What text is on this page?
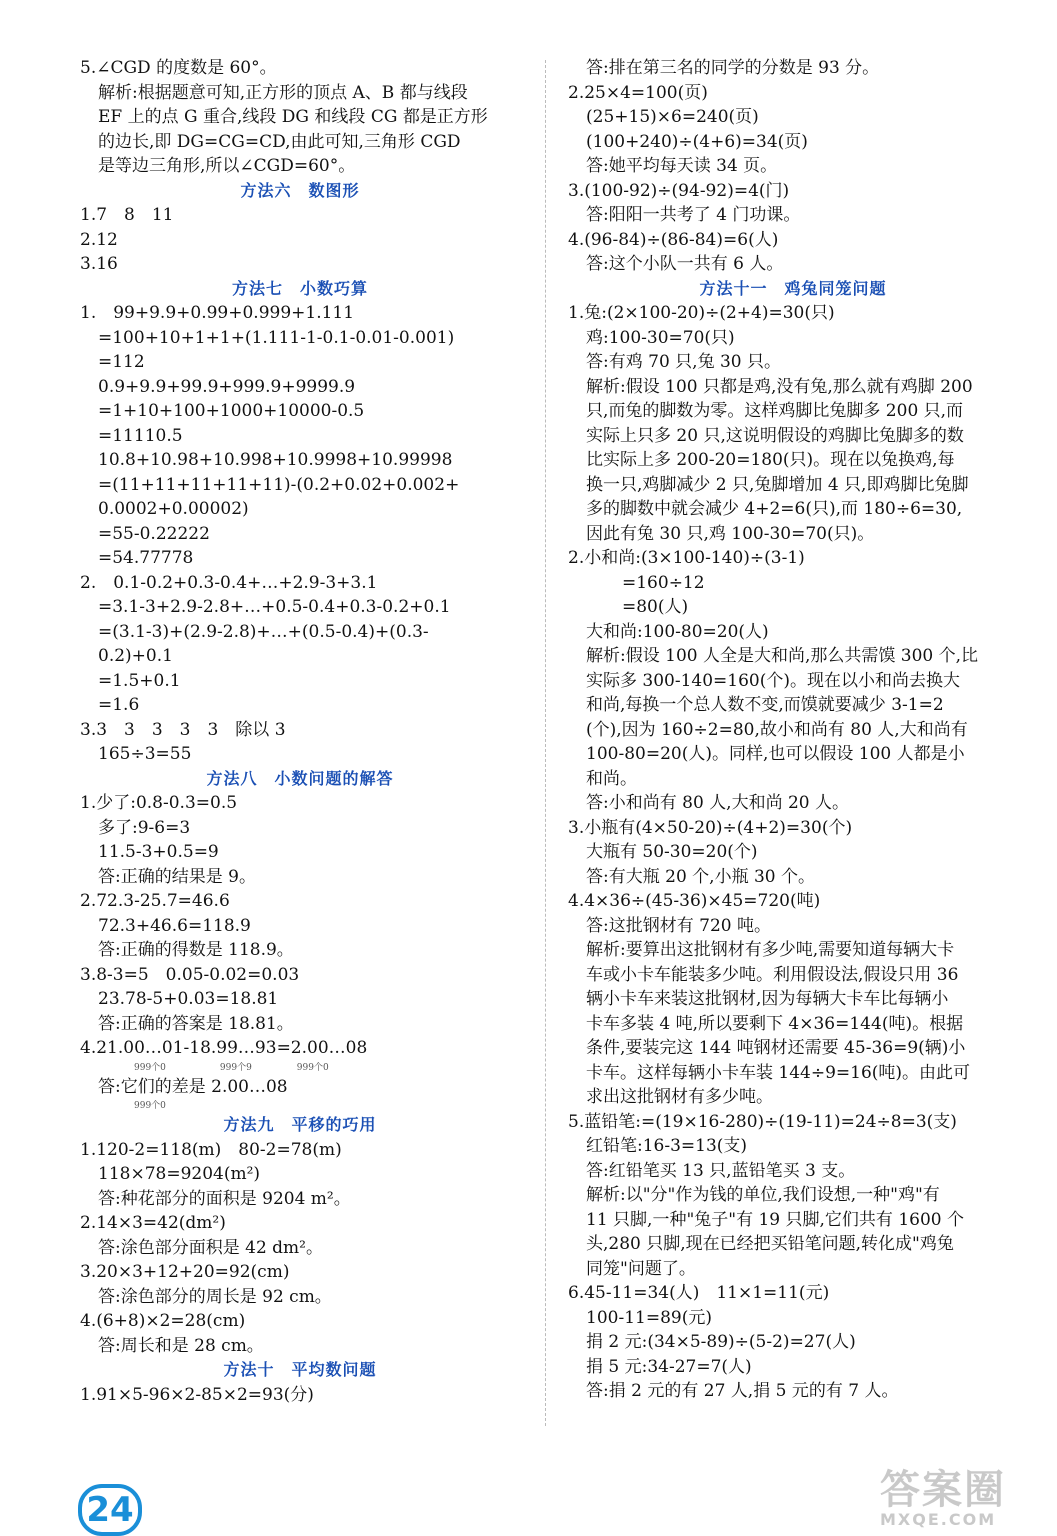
5.∠CGD 的度数是 60°。
解析:根据题意可知,正方形的顶点 A、B 都与线段
EF 上的点 G 重合,线段 DG 和线段 CG 都是正方形
的边长,即 DG=CG=CD,由此可知,三角形 CGD
是等边三角形,所以∠CGD=60°。
方法六　数图形
1.7　8　11
2.12
3.16
方法七　小数巧算
1.　99+9.9+0.99+0.999+1.111
=100+10+1+1+(1.111-1-0.1-0.01-0.001)
=112
0.9+9.9+99.9+999.9+9999.9
=1+10+100+1000+10000-0.5
=11110.5
10.8+10.98+10.998+10.9998+10.99998
=(11+11+11+11+11)-(0.2+0.02+0.002+
0.0002+0.00002)
=55-0.22222
=54.77778
2.　0.1-0.2+0.3-0.4+…+2.9-3+3.1
=3.1-3+2.9-2.8+…+0.5-0.4+0.3-0.2+0.1
=(3.1-3)+(2.9-2.8)+…+(0.5-0.4)+(0.3-
0.2)+0.1
=1.5+0.1
=1.6
3.3　3　3　3　3　除以 3
165÷3=55
方法八　小数问题的解答
1.少了:0.8-0.3=0.5
多了:9-6=3
11.5-3+0.5=9
答:正确的结果是 9。
2.72.3-25.7=46.6
72.3+46.6=118.9
答:正确的得数是 118.9。
3.8-3=5　0.05-0.02=0.03
23.78-5+0.03=18.81
答:正确的答案是 18.81。
4.21.00…01-18.99…93=2.00…08
999个0　　　　　　999个9　　　　　999个0
答:它们的差是 2.00…08
999个0
方法九　平移的巧用
1.120-2=118(m)　80-2=78(m)
118×78=9204(m²)
答:种花部分的面积是 9204 m²。
2.14×3=42(dm²)
答:涂色部分面积是 42 dm²。
3.20×3+12+20=92(cm)
答:涂色部分的周长是 92 cm。
4.(6+8)×2=28(cm)
答:周长和是 28 cm。
方法十　平均数问题
1.91×5-96×2-85×2=93(分)
答:排在第三名的同学的分数是 93 分。
2.25×4=100(页)
(25+15)×6=240(页)
(100+240)÷(4+6)=34(页)
答:她平均每天读 34 页。
3.(100-92)÷(94-92)=4(门)
答:阳阳一共考了 4 门功课。
4.(96-84)÷(86-84)=6(人)
答:这个小队一共有 6 人。
方法十一　鸡兔同笼问题
1.兔:(2×100-20)÷(2+4)=30(只)
鸡:100-30=70(只)
答:有鸡 70 只,兔 30 只。
解析:假设 100 只都是鸡,没有兔,那么就有鸡脚 200
只,而兔的脚数为零。这样鸡脚比兔脚多 200 只,而
实际上只多 20 只,这说明假设的鸡脚比兔脚多的数
比实际上多 200-20=180(只)。现在以兔换鸡,每
换一只,鸡脚减少 2 只,兔脚增加 4 只,即鸡脚比兔脚
多的脚数中就会减少 4+2=6(只),而 180÷6=30,
因此有兔 30 只,鸡 100-30=70(只)。
2.小和尚:(3×100-140)÷(3-1)
=160÷12
=80(人)
大和尚:100-80=20(人)
解析:假设 100 人全是大和尚,那么共需馍 300 个,比
实际多 300-140=160(个)。现在以小和尚去换大
和尚,每换一个总人数不变,而馍就要减少 3-1=2
(个),因为 160÷2=80,故小和尚有 80 人,大和尚有
100-80=20(人)。同样,也可以假设 100 人都是小
和尚。
答:小和尚有 80 人,大和尚 20 人。
3.小瓶有(4×50-20)÷(4+2)=30(个)
大瓶有 50-30=20(个)
答:有大瓶 20 个,小瓶 30 个。
4.4×36÷(45-36)×45=720(吨)
答:这批钢材有 720 吨。
解析:要算出这批钢材有多少吨,需要知道每辆大卡
车或小卡车能装多少吨。利用假设法,假设只用 36
辆小卡车来装这批钢材,因为每辆大卡车比每辆小
卡车多装 4 吨,所以要剩下 4×36=144(吨)。根据
条件,要装完这 144 吨钢材还需要 45-36=9(辆)小
卡车。这样每辆小卡车装 144÷9=16(吨)。由此可
求出这批钢材有多少吨。
5.蓝铅笔:=(19×16-280)÷(19-11)=24÷8=3(支)
红铅笔:16-3=13(支)
答:红铅笔买 13 只,蓝铅笔买 3 支。
解析:以"分"作为钱的单位,我们设想,一种"鸡"有
11 只脚,一种"兔子"有 19 只脚,它们共有 1600 个
头,280 只脚,现在已经把买铅笔问题,转化成"鸡兔
同笼"问题了。
6.45-11=34(人)　11×1=11(元)
100-11=89(元)
捐 2 元:(34×5-89)÷(5-2)=27(人)
捐 5 元:34-27=7(人)
答:捐 2 元的有 27 人,捐 5 元的有 7 人。
24	答案圈
MXQE.COM
